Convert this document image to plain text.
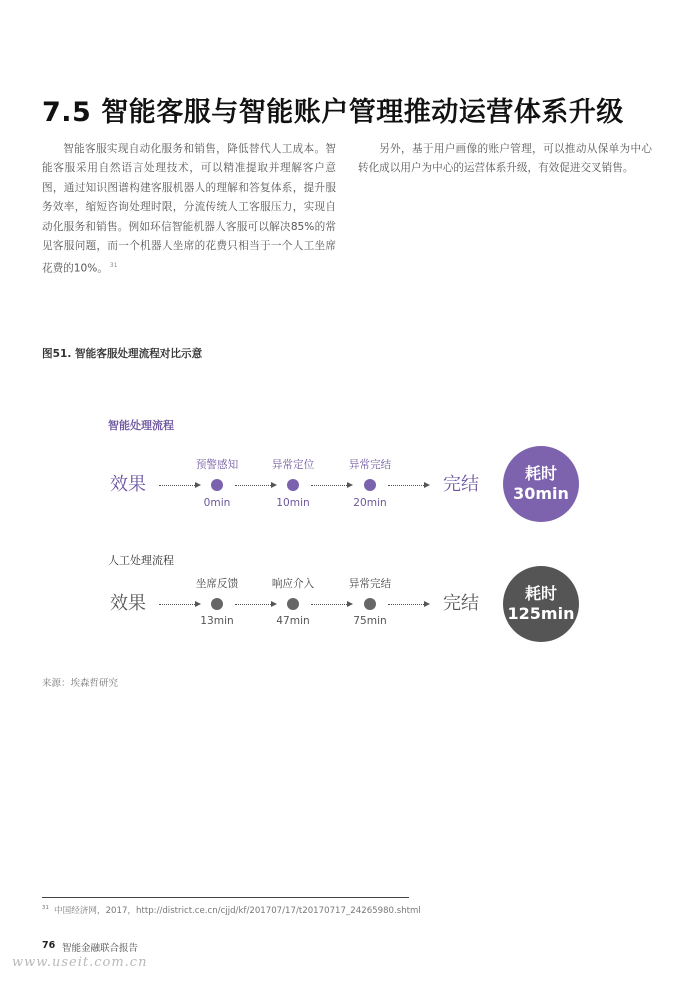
7.5 智能客服与智能账户管理推动运营体系升级

智能客服实现自动化服务和销售，降低替代人工成本。智能客服采用自然语言处理技术，可以精准提取并理解客户意图，通过知识图谱构建客服机器人的理解和答复体系，提升服务效率，缩短咨询处理时限，分流传统人工客服压力，实现自动化服务和销售。例如环信智能机器人客服可以解决85%的常见客服问题，而一个机器人坐席的花费只相当于一个人工坐席花费的10%。 $^{31}$

另外，基于用户画像的账户管理，可以推动从保单为中心转化成以用户为中心的运营体系升级，有效促进交叉销售。

图51. 智能客服处理流程对比示意
智能处理流程
效果
预警感知	异常定位	异常完结
0min	10min	20min
完结
耗时
30min
人工处理流程
效果
坐席反馈	响应介入	异常完结
13min	47min	75min
完结	耗时
125min
来源：埃森哲研究
$^{31}$ 中国经济网，2017，http://district.ce.cn/cjjd/kf/201707/17/t20170717_24265980.shtml
76 智能金融联合报告
www.useit.com.cn
